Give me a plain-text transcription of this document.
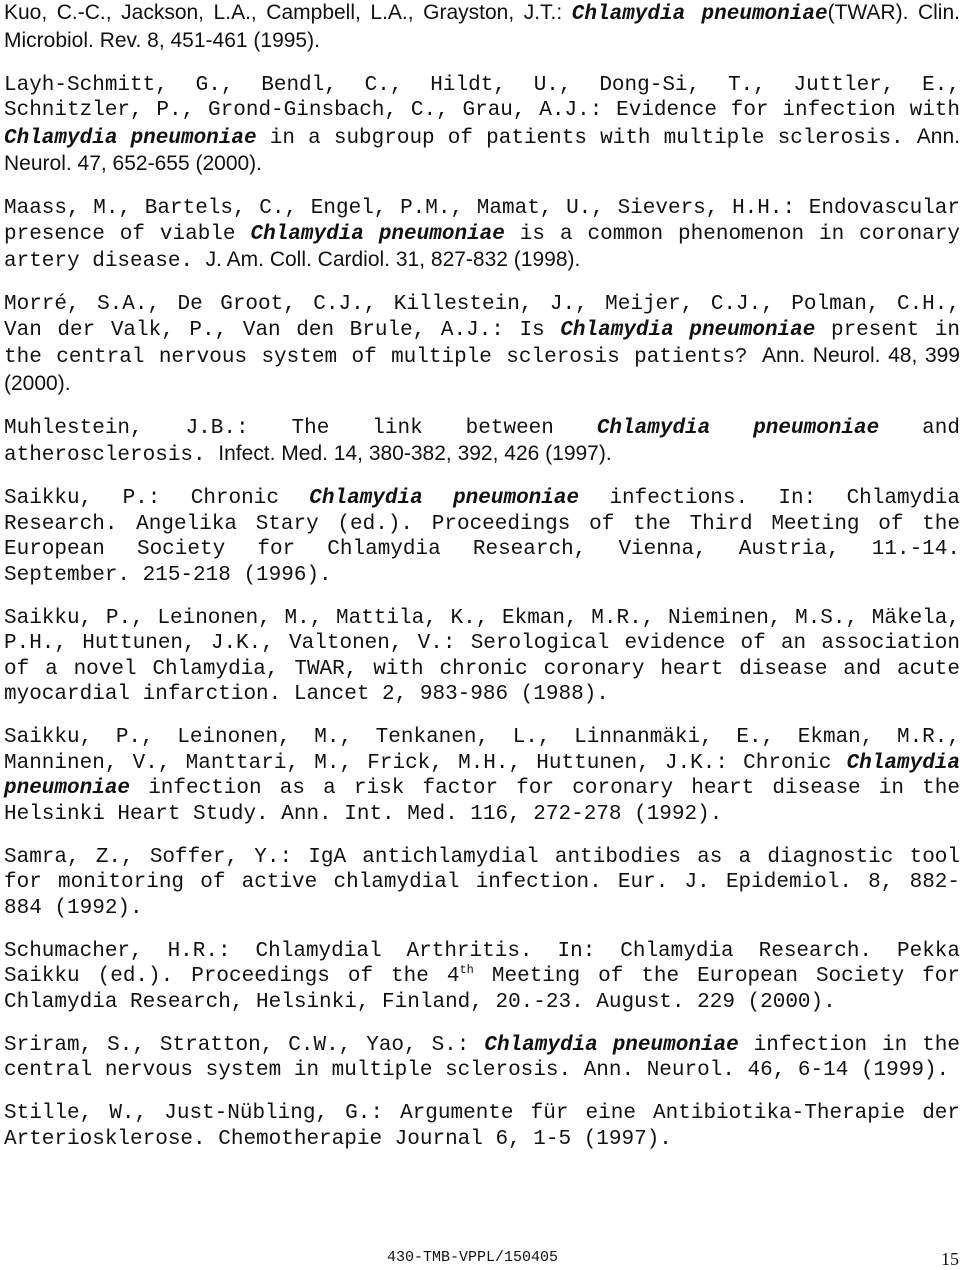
Kuo, C.-C., Jackson, L.A., Campbell, L.A., Grayston, J.T.: Chlamydia pneumoniae(TWAR). Clin. Microbiol. Rev. 8, 451-461 (1995).

Layh-Schmitt, G., Bendl, C., Hildt, U., Dong-Si, T., Juttler, E., Schnitzler, P., Grond-Ginsbach, C., Grau, A.J.: Evidence for infection with Chlamydia pneumoniae in a subgroup of patients with multiple sclerosis. Ann. Neurol. 47, 652-655 (2000).

Maass, M., Bartels, C., Engel, P.M., Mamat, U., Sievers, H.H.: Endovascular presence of viable Chlamydia pneumoniae is a common phenomenon in coronary artery disease. J. Am. Coll. Cardiol. 31, 827-832 (1998).

Morré, S.A., De Groot, C.J., Killestein, J., Meijer, C.J., Polman, C.H., Van der Valk, P., Van den Brule, A.J.: Is Chlamydia pneumoniae present in the central nervous system of multiple sclerosis patients? Ann. Neurol. 48, 399 (2000).

Muhlestein, J.B.: The link between Chlamydia pneumoniae and atherosclerosis. Infect. Med. 14, 380-382, 392, 426 (1997).

Saikku, P.: Chronic Chlamydia pneumoniae infections. In: Chlamydia Research. Angelika Stary (ed.). Proceedings of the Third Meeting of the European Society for Chlamydia Research, Vienna, Austria, 11.-14. September. 215-218 (1996).

Saikku, P., Leinonen, M., Mattila, K., Ekman, M.R., Nieminen, M.S., Mäkela, P.H., Huttunen, J.K., Valtonen, V.: Serological evidence of an association of a novel Chlamydia, TWAR, with chronic coronary heart disease and acute myocardial infarction. Lancet 2, 983-986 (1988).

Saikku, P., Leinonen, M., Tenkanen, L., Linnanmäki, E., Ekman, M.R., Manninen, V., Manttari, M., Frick, M.H., Huttunen, J.K.: Chronic Chlamydia pneumoniae infection as a risk factor for coronary heart disease in the Helsinki Heart Study. Ann. Int. Med. 116, 272-278 (1992).

Samra, Z., Soffer, Y.: IgA antichlamydial antibodies as a diagnostic tool for monitoring of active chlamydial infection. Eur. J. Epidemiol. 8, 882-884 (1992).

Schumacher, H.R.: Chlamydial Arthritis. In: Chlamydia Research. Pekka Saikku (ed.). Proceedings of the 4th Meeting of the European Society for Chlamydia Research, Helsinki, Finland, 20.-23. August. 229 (2000).

Sriram, S., Stratton, C.W., Yao, S.: Chlamydia pneumoniae infection in the central nervous system in multiple sclerosis. Ann. Neurol. 46, 6-14 (1999).

Stille, W., Just-Nübling, G.: Argumente für eine Antibiotika-Therapie der Arteriosklerose. Chemotherapie Journal 6, 1-5 (1997).

430-TMB-VPPL/150405	15
